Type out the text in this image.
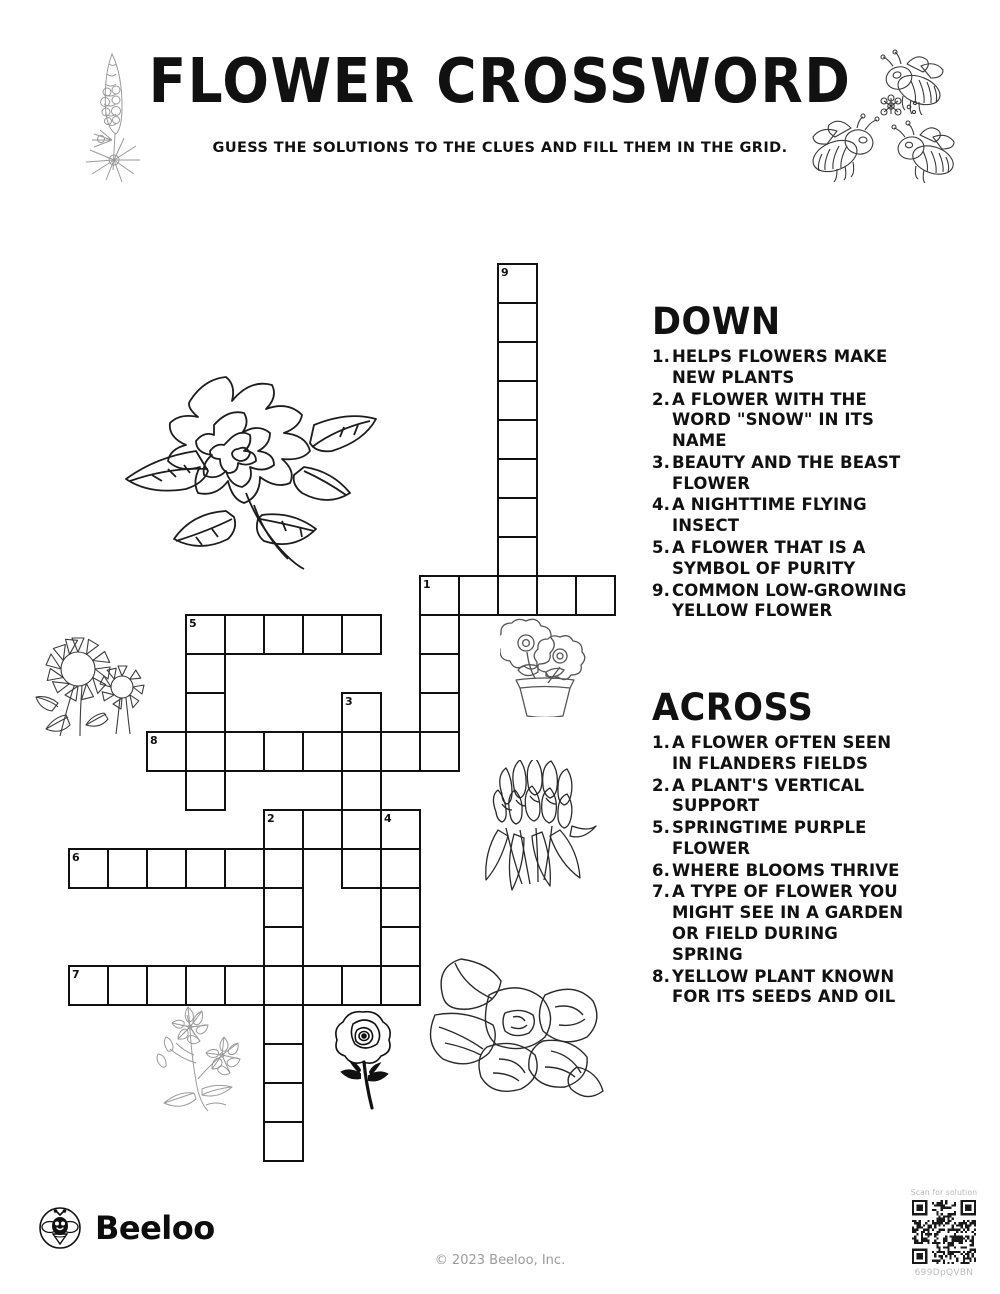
FLOWER CROSSWORD
GUESS THE SOLUTIONS TO THE CLUES AND FILL THEM IN THE GRID.
9
1
5
3
8
2	4
6
7
DOWN
1. HELPS FLOWERS MAKE NEW PLANTS
2. A FLOWER WITH THE WORD "SNOW" IN ITS NAME
3. BEAUTY AND THE BEAST FLOWER
4. A NIGHTTIME FLYING INSECT
5. A FLOWER THAT IS A SYMBOL OF PURITY
9. COMMON LOW-GROWING YELLOW FLOWER
ACROSS
1. A FLOWER OFTEN SEEN IN FLANDERS FIELDS
2. A PLANT'S VERTICAL SUPPORT
5. SPRINGTIME PURPLE FLOWER
6. WHERE BLOOMS THRIVE
7. A TYPE OF FLOWER YOU MIGHT SEE IN A GARDEN OR FIELD DURING SPRING
8. YELLOW PLANT KNOWN FOR ITS SEEDS AND OIL
Beeloo
© 2023 Beeloo, Inc.
Scan for solution
699DpQVBN
